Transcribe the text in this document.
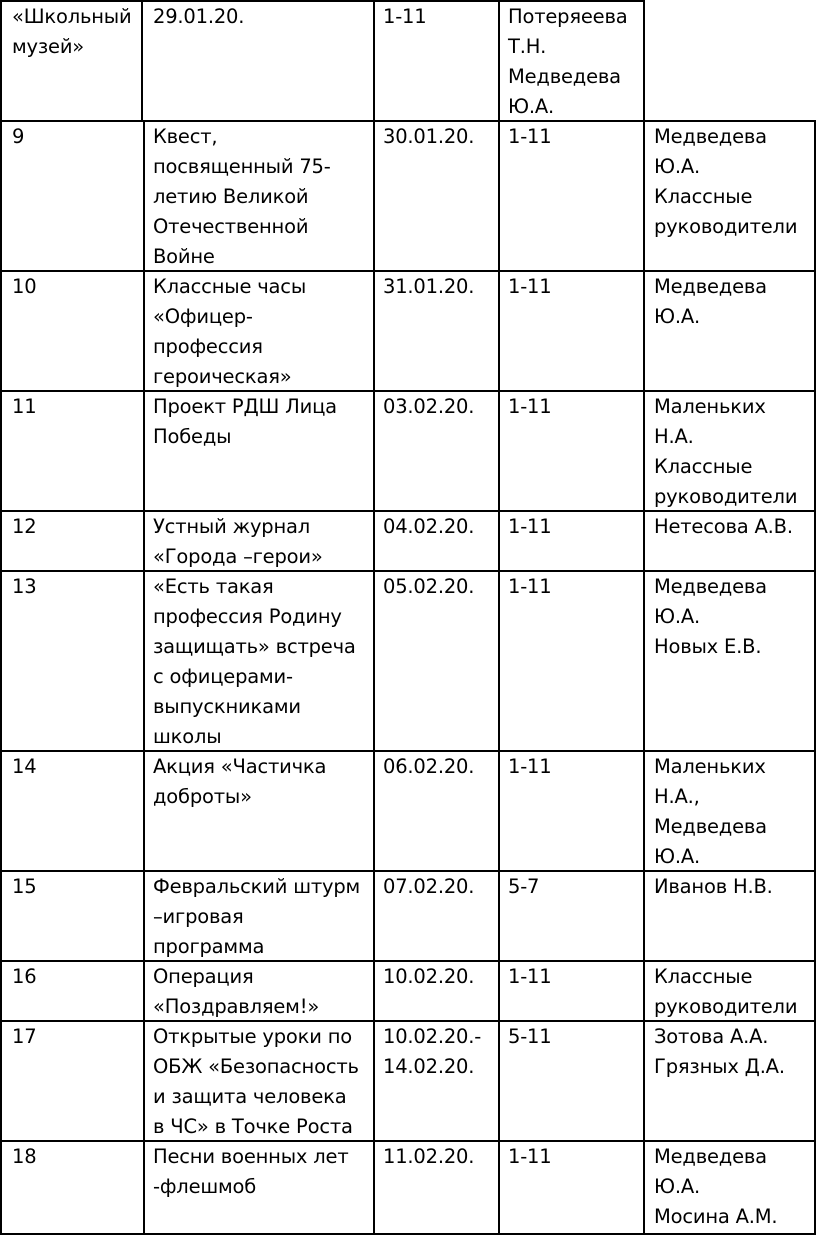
«Школьный
музей»
29.01.20.	1-11	Потеряеева
Т.Н.
Медведева
Ю.А.
9	Квест,
посвященный 75-
летию Великой
Отечественной
Войне
30.01.20. 1-11	Медведева
Ю.А.
Классные
руководители
10	Классные часы
«Офицер-
профессия
героическая»
31.01.20. 1-11	Медведева
Ю.А.
11	Проект РДШ Лица
Победы
03.02.20. 1-11	Маленьких
Н.А.
Классные
руководители
12	Устный журнал
«Города –герои»
04.02.20. 1-11	Нетесова А.В.
13	«Есть такая
профессия Родину
защищать» встреча
с офицерами-
выпускниками
школы
05.02.20. 1-11	Медведева
Ю.А.
Новых Е.В.
14	Акция «Частичка
доброты»
06.02.20. 1-11	Маленьких
Н.А.,
Медведева
Ю.А.
15	Февральский штурм
–игровая
программа
07.02.20. 5-7	Иванов Н.В.
16	Операция
«Поздравляем!»
10.02.20. 1-11	Классные
руководители
17	Открытые уроки по
ОБЖ «Безопасность
и защита человека
в ЧС» в Точке Роста
10.02.20.-
14.02.20.
5-11	Зотова А.А.
Грязных Д.А.
18	Песни военных лет
-флешмоб
11.02.20. 1-11	Медведева
Ю.А.
Мосина А.М.
